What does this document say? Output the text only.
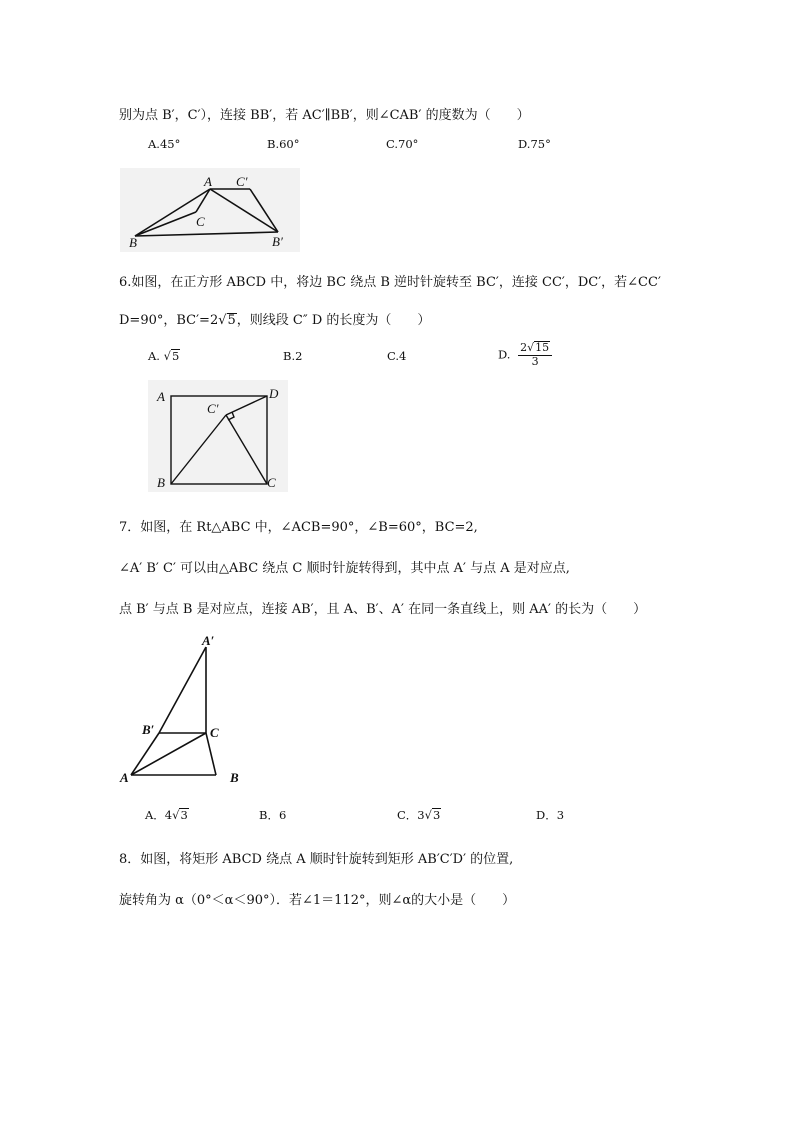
别为点 B′，C′），连接 BB′，若 AC′∥BB′，则∠CAB′ 的度数为（　　）
A.45°	B.60°	C.70°	D.75°
A C′
C
B	B′
6.如图，在正方形 ABCD 中，将边 BC 绕点 B 逆时针旋转至 BC′，连接 CC′，DC′，若∠CC′
D=90°，BC′=2√5，则线段 C″ D 的长度为（　　）
A. √5	B.2	C.4	D. $\frac{2√15}{3}$
A	D
C′
B	C
7．如图，在 Rt△ABC 中，∠ACB=90°，∠B=60°，BC=2,
∠A′ B′ C′ 可以由△ABC 绕点 C 顺时针旋转得到，其中点 A′ 与点 A 是对应点,
点 B′ 与点 B 是对应点，连接 AB′，且 A、B′、A′ 在同一条直线上，则 AA′ 的长为（　　）
A′
B′	C
A	B
A．4√3	B．6	C．3√3	D．3
8．如图，将矩形 ABCD 绕点 A 顺时针旋转到矩形 AB′C′D′ 的位置,
旋转角为 α（0°＜α＜90°）．若∠1＝112°，则∠α的大小是（　　）
